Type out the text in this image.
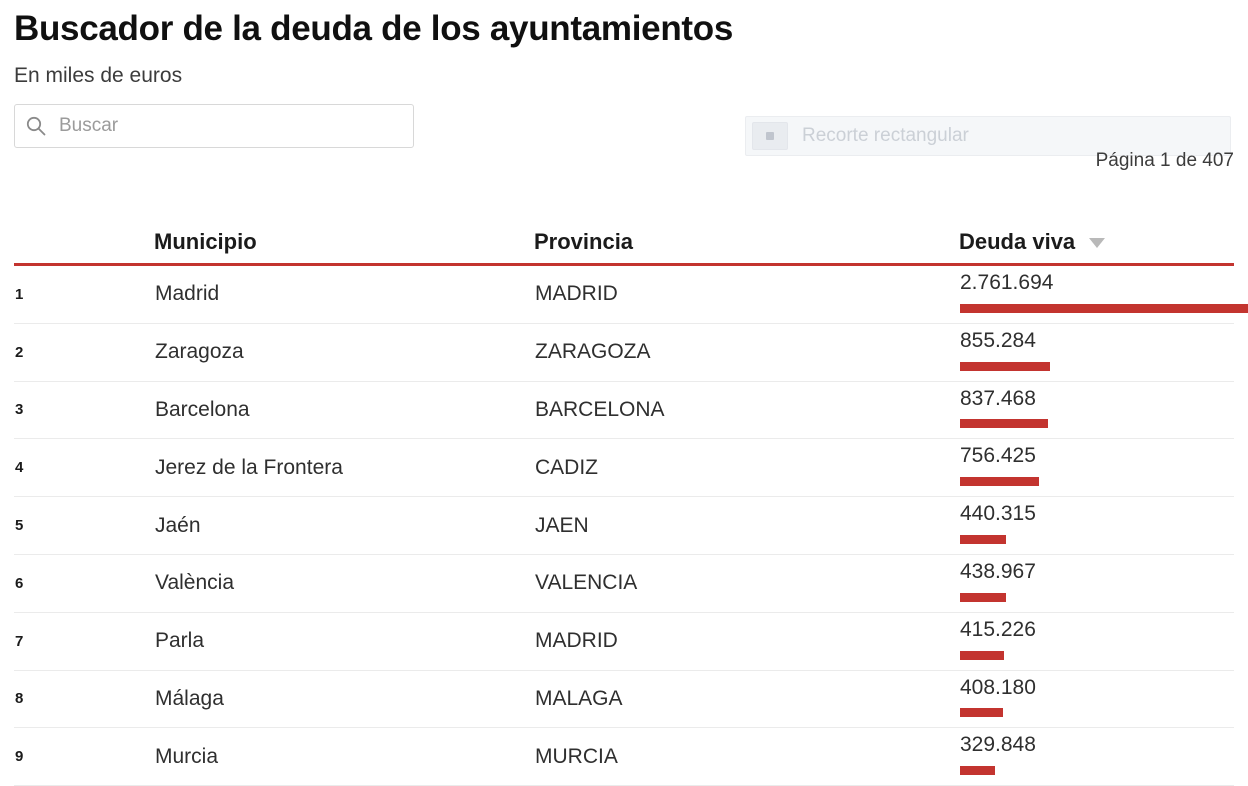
Buscador de la deuda de los ayuntamientos
En miles de euros
Buscar
Recorte rectangular
Página 1 de 407
Municipio	Provincia	Deuda viva
1	Madrid	MADRID	2.761.694
2	Zaragoza	ZARAGOZA	855.284
3	Barcelona	BARCELONA	837.468
4	Jerez de la Frontera	CADIZ	756.425
5	Jaén	JAEN	440.315
6	València	VALENCIA	438.967
7	Parla	MADRID	415.226
8	Málaga	MALAGA	408.180
9	Murcia	MURCIA	329.848
